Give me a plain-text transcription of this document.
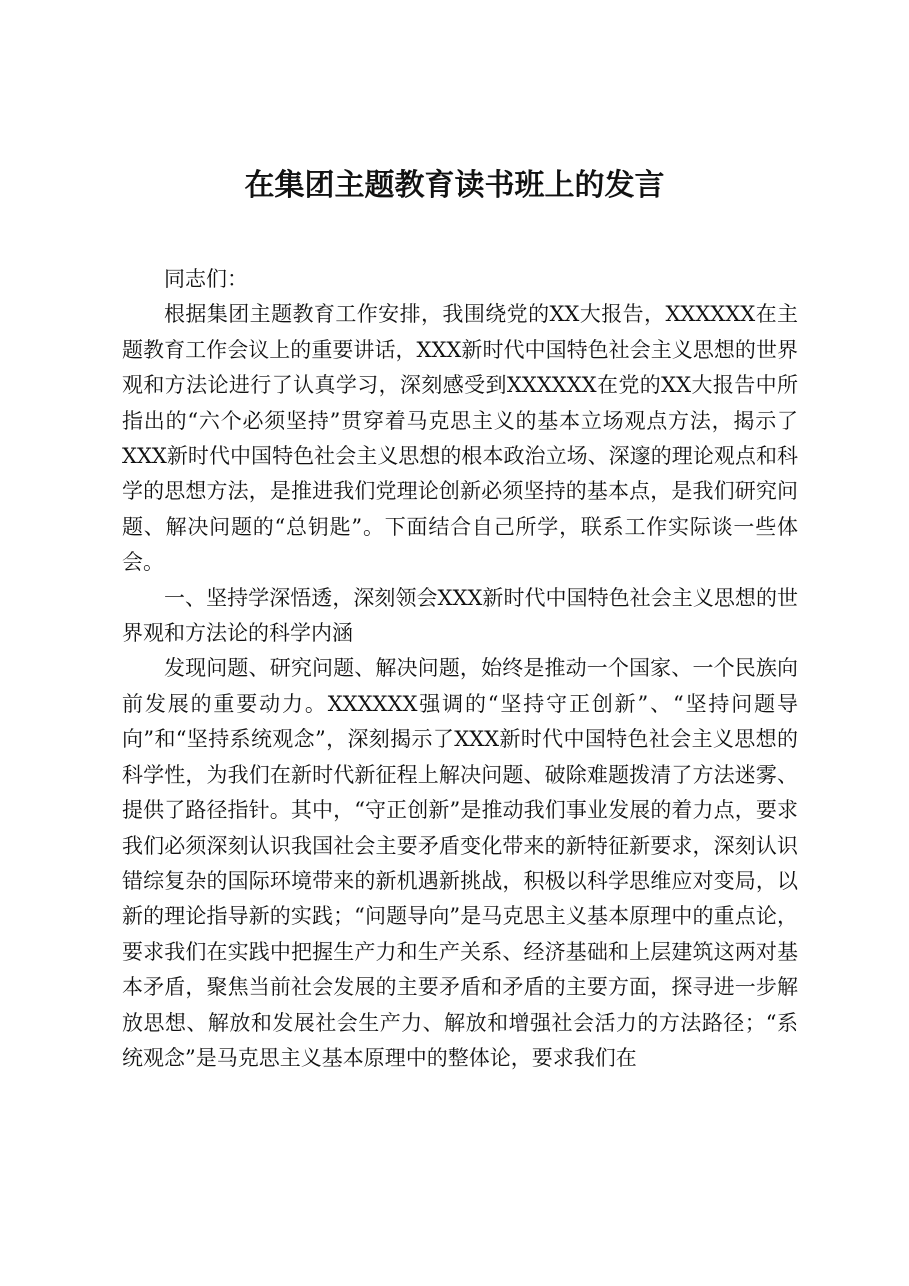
在集团主题教育读书班上的发言

同志们：

根据集团主题教育工作安排，我围绕党的XX大报告，XXXXXX在主题教育工作会议上的重要讲话，XXX新时代中国特色社会主义思想的世界观和方法论进行了认真学习，深刻感受到XXXXXX在党的XX大报告中所指出的“六个必须坚持”贯穿着马克思主义的基本立场观点方法，揭示了XXX新时代中国特色社会主义思想的根本政治立场、深邃的理论观点和科学的思想方法，是推进我们党理论创新必须坚持的基本点，是我们研究问题、解决问题的“总钥匙”。下面结合自己所学，联系工作实际谈一些体会。

一、坚持学深悟透，深刻领会XXX新时代中国特色社会主义思想的世界观和方法论的科学内涵

发现问题、研究问题、解决问题，始终是推动一个国家、一个民族向前发展的重要动力。XXXXXX强调的“坚持守正创新”、“坚持问题导向”和“坚持系统观念”，深刻揭示了XXX新时代中国特色社会主义思想的科学性，为我们在新时代新征程上解决问题、破除难题拨清了方法迷雾、提供了路径指针。其中，“守正创新”是推动我们事业发展的着力点，要求我们必须深刻认识我国社会主要矛盾变化带来的新特征新要求，深刻认识错综复杂的国际环境带来的新机遇新挑战，积极以科学思维应对变局，以新的理论指导新的实践；“问题导向”是马克思主义基本原理中的重点论，要求我们在实践中把握生产力和生产关系、经济基础和上层建筑这两对基本矛盾，聚焦当前社会发展的主要矛盾和矛盾的主要方面，探寻进一步解放思想、解放和发展社会生产力、解放和增强社会活力的方法路径；“系统观念”是马克思主义基本原理中的整体论，要求我们在
